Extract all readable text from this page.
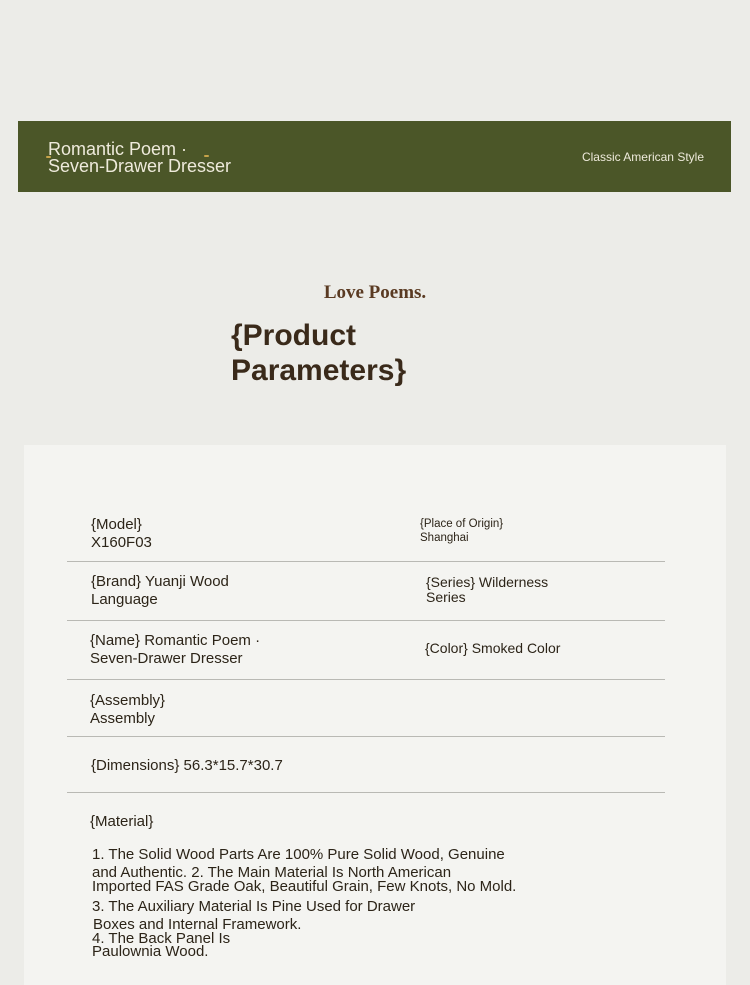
Romantic Poem ·
Seven-Drawer Dresser	Classic American Style
Love Poems.
{Product Parameters}
{Model}
X160F03
{Place of Origin}
Shanghai
{Brand} Yuanji Wood
Language
{Series} Wilderness
Series
{Name} Romantic Poem ·
Seven-Drawer Dresser
{Color} Smoked Color
{Assembly}
Assembly
{Dimensions} 56.3*15.7*30.7
{Material}
1. The Solid Wood Parts Are 100% Pure Solid Wood, Genuine
and Authentic. 2. The Main Material Is North American
Imported FAS Grade Oak, Beautiful Grain, Few Knots, No Mold.
3. The Auxiliary Material Is Pine Used for Drawer
Boxes and Internal Framework.
4. The Back Panel Is
Paulownia Wood.
